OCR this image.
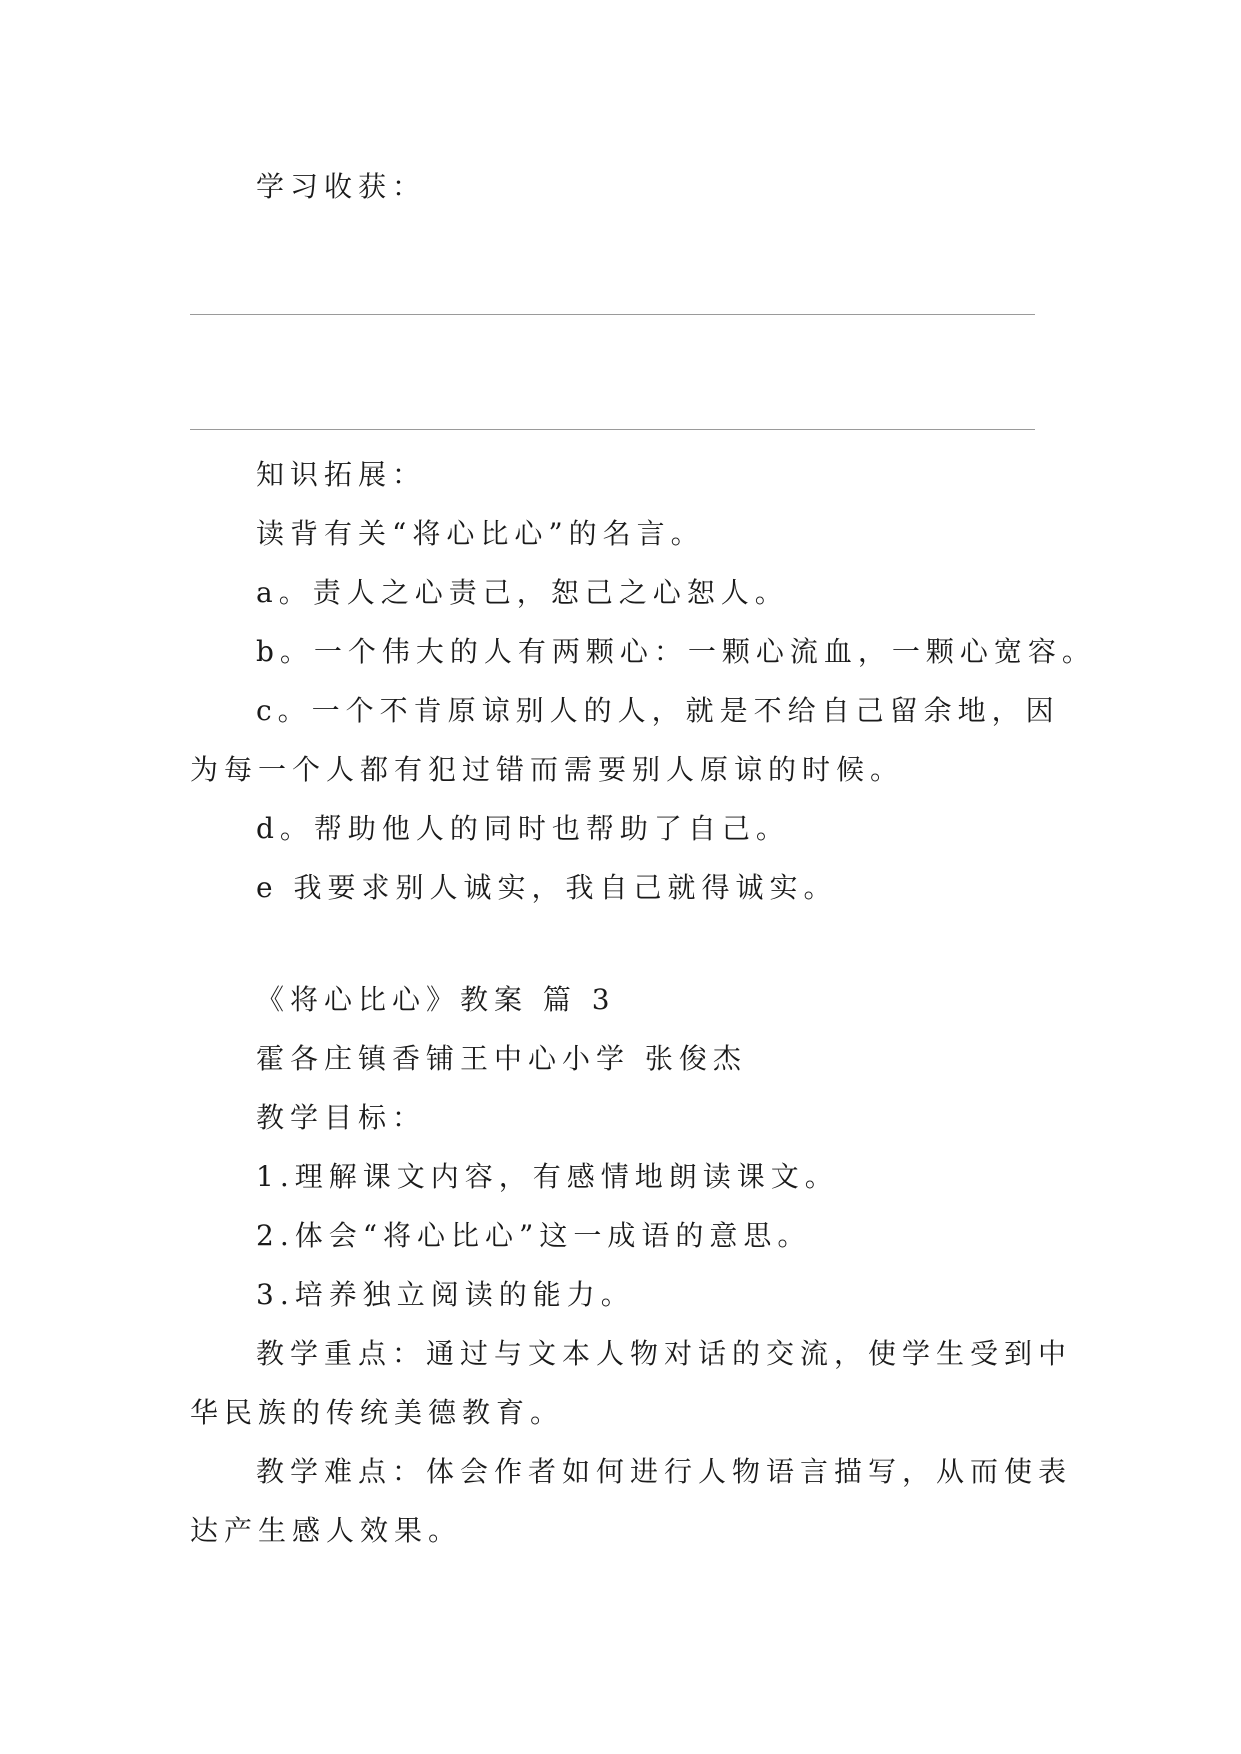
学习收获：
知识拓展：
读背有关“将心比心”的名言。
a。责人之心责己，恕己之心恕人。
b。一个伟大的人有两颗心：一颗心流血，一颗心宽容。
c。一个不肯原谅别人的人，就是不给自己留余地，因
为每一个人都有犯过错而需要别人原谅的时候。
d。帮助他人的同时也帮助了自己。
e 我要求别人诚实，我自己就得诚实。
《将心比心》教案 篇 3
霍各庄镇香铺王中心小学 张俊杰
教学目标：
1.理解课文内容，有感情地朗读课文。
2.体会“将心比心”这一成语的意思。
3.培养独立阅读的能力。
教学重点：通过与文本人物对话的交流，使学生受到中
华民族的传统美德教育。
教学难点：体会作者如何进行人物语言描写，从而使表
达产生感人效果。
